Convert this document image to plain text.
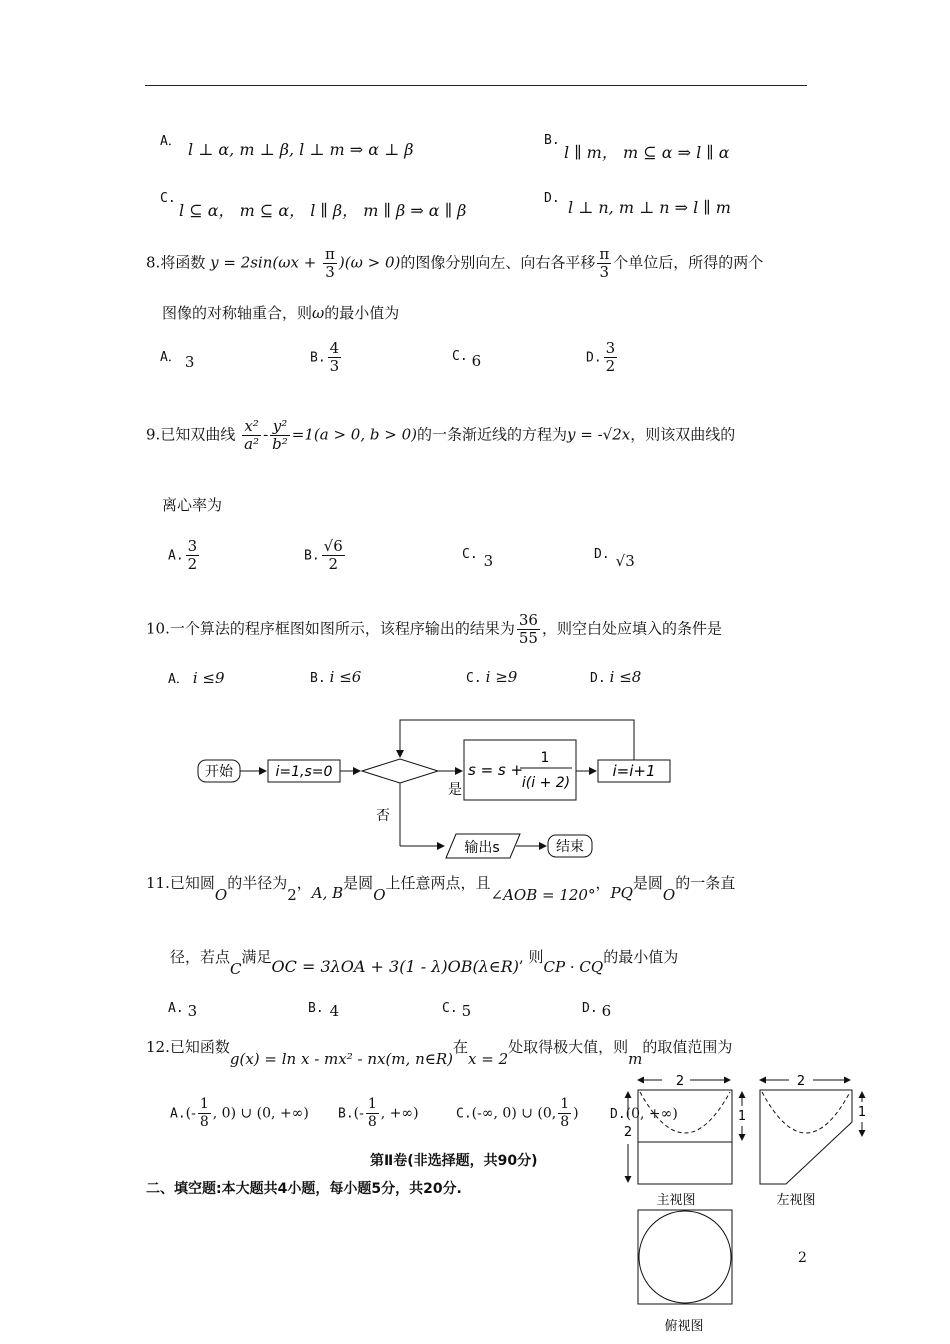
A． l ⊥ α, m ⊥ β, l ⊥ m ⇒ α ⊥ β	B.
l ∥ m， m ⊆ α ⇒ l ∥ α
C.
l ⊆ α， m ⊆ α， l ∥ β， m ∥ β ⇒ α ∥ β
D. l ⊥ n, m ⊥ n ⇒ l ∥ m
8.将函数 $y = 2\sin(\omega x + \frac{\pi}{3} )(\omega > 0)$的图像分别向左、向右各平移 $\frac{\pi}{3}$ 个单位后，所得的两个
图像的对称轴重合，则ω的最小值为
A． 3	B. $\frac{4}{3}$	C. 6	D. $\frac{3}{2}$
9.已知双曲线 $\frac{\text{x²}}{\text{a²}} - \frac{\text{y²}}{\text{b²}} =1(a > 0$, b > 0)的一条渐近线的方程为y = -√2x，则该双曲线的
离心率为
A. $\frac{3}{2}$	B. $\frac{√6}{2}$	C. 3	D. √3
10.一个算法的程序框图如图所示，该程序输出的结果为 $\frac{36}{55}$ ，则空白处应填入的条件是
A． i ≤9	B. i ≤6	C. i ≥9	D. i ≤8
开始	i=1,s=0
是
s = s +
1
i(i + 2)
i=i+1
否
输出s	结束
11.已知圆O的半径为2，A, B是圆O上任意两点，且∠AOB = 120°，PQ是圆O的一条直
径，若点C满足OC = 3λOA + 3(1 - λ)OB(λ∈R), 则CP · CQ的最小值为
A. 3	B. 4	C. 5	D. 6
12.已知函数g(x) = ln x - mx² - nx(m, n∈R)在x = 2处取得极大值，则m的取值范围为
$A.(- \frac{1}{8}$ , 0) ∪ (0, +∞) $B.(- \frac{1}{8}$ , +∞)	C.(-∞, 0) ∪ (0, $\frac{1}{8}$ ) D.(0, +∞)
第Ⅱ卷(非选择题，共90分)
二、填空题:本大题共4小题，每小题5分，共20分.
2
2
1
主视图
2
1
左视图
俯视图
2
